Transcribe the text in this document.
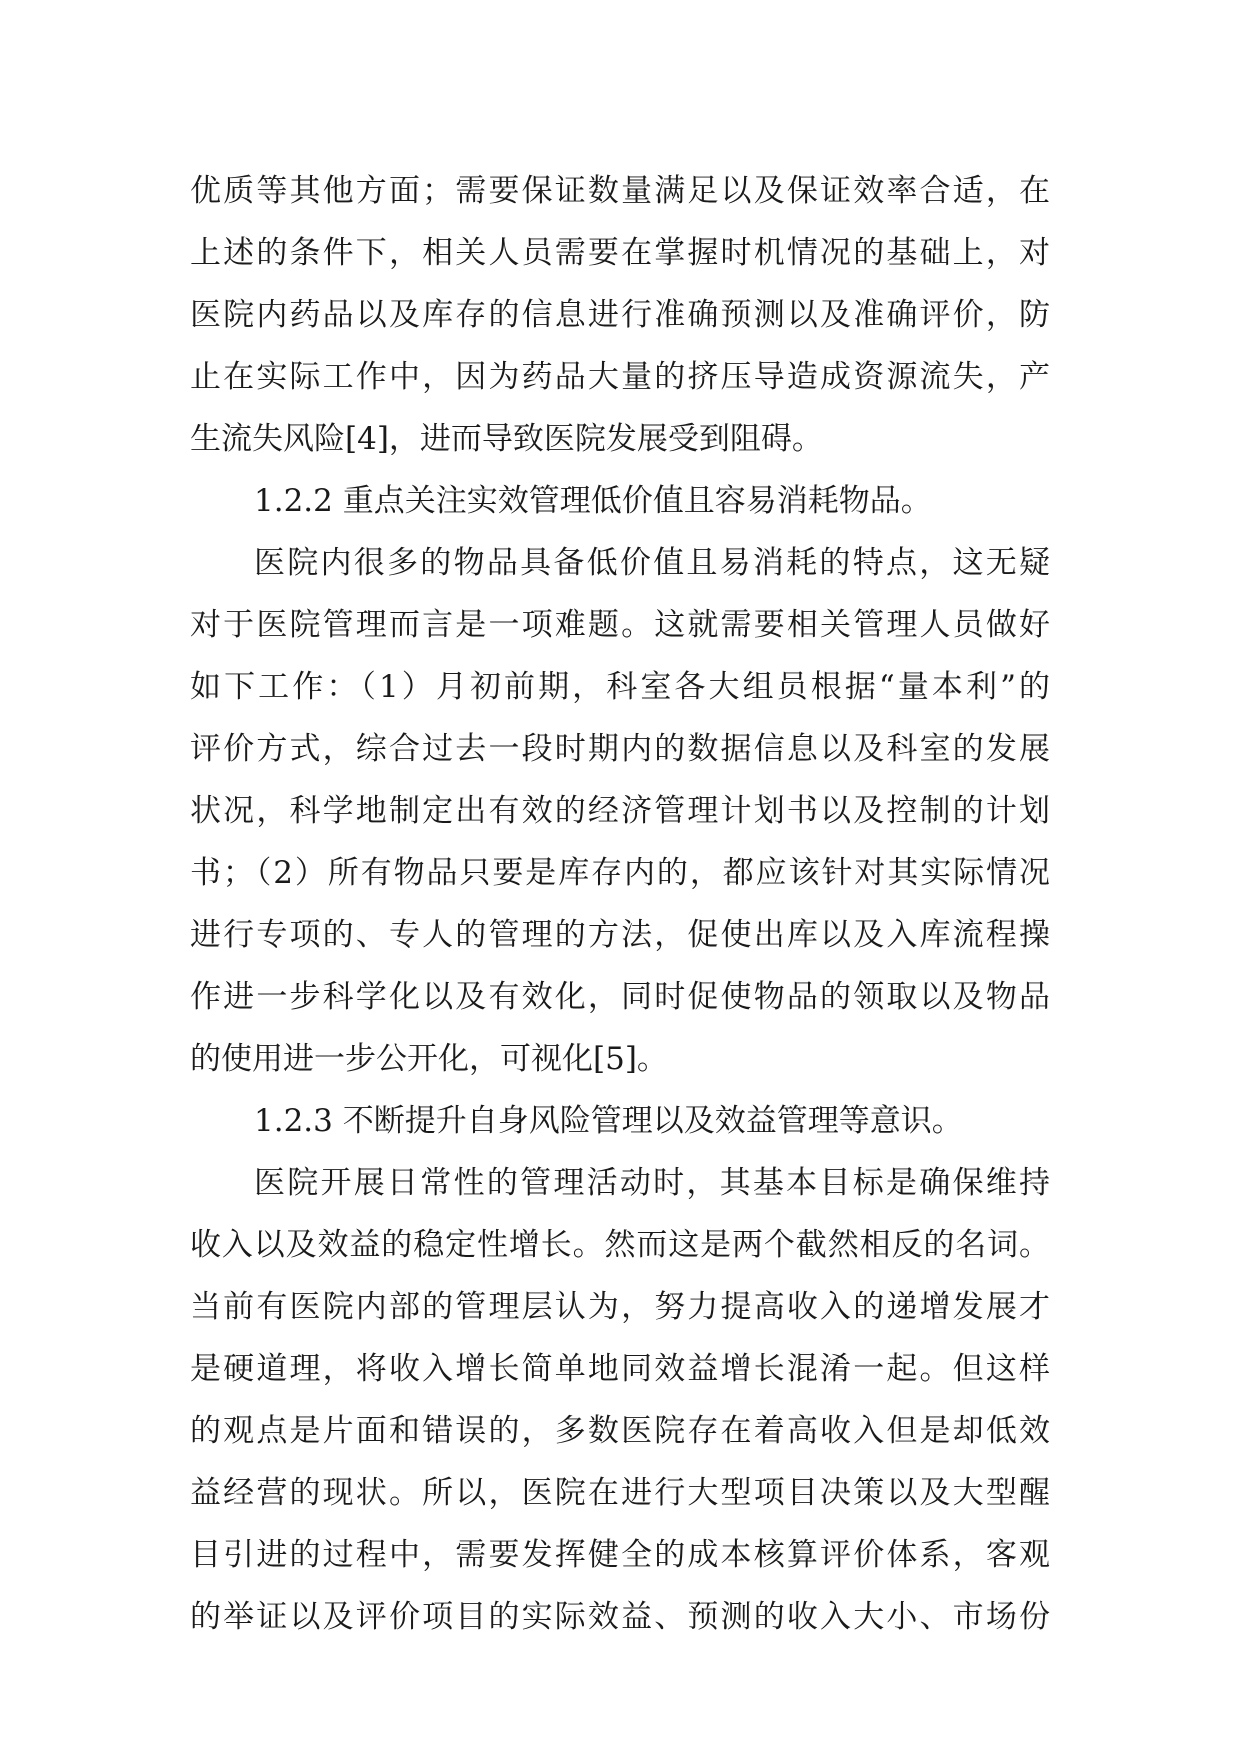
优质等其他方面；需要保证数量满足以及保证效率合适，在
上述的条件下，相关人员需要在掌握时机情况的基础上，对
医院内药品以及库存的信息进行准确预测以及准确评价，防
止在实际工作中，因为药品大量的挤压导造成资源流失，产
生流失风险[4]，进而导致医院发展受到阻碍。
1.2.2 重点关注实效管理低价值且容易消耗物品。
医院内很多的物品具备低价值且易消耗的特点，这无疑
对于医院管理而言是一项难题。这就需要相关管理人员做好
如下工作：（1）月初前期，科室各大组员根据“量本利”的
评价方式，综合过去一段时期内的数据信息以及科室的发展
状况，科学地制定出有效的经济管理计划书以及控制的计划
书；（2）所有物品只要是库存内的，都应该针对其实际情况
进行专项的、专人的管理的方法，促使出库以及入库流程操
作进一步科学化以及有效化，同时促使物品的领取以及物品
的使用进一步公开化，可视化[5]。
1.2.3 不断提升自身风险管理以及效益管理等意识。
医院开展日常性的管理活动时，其基本目标是确保维持
收入以及效益的稳定性增长。然而这是两个截然相反的名词。
当前有医院内部的管理层认为，努力提高收入的递增发展才
是硬道理，将收入增长简单地同效益增长混淆一起。但这样
的观点是片面和错误的，多数医院存在着高收入但是却低效
益经营的现状。所以，医院在进行大型项目决策以及大型醒
目引进的过程中，需要发挥健全的成本核算评价体系，客观
的举证以及评价项目的实际效益、预测的收入大小、市场份
